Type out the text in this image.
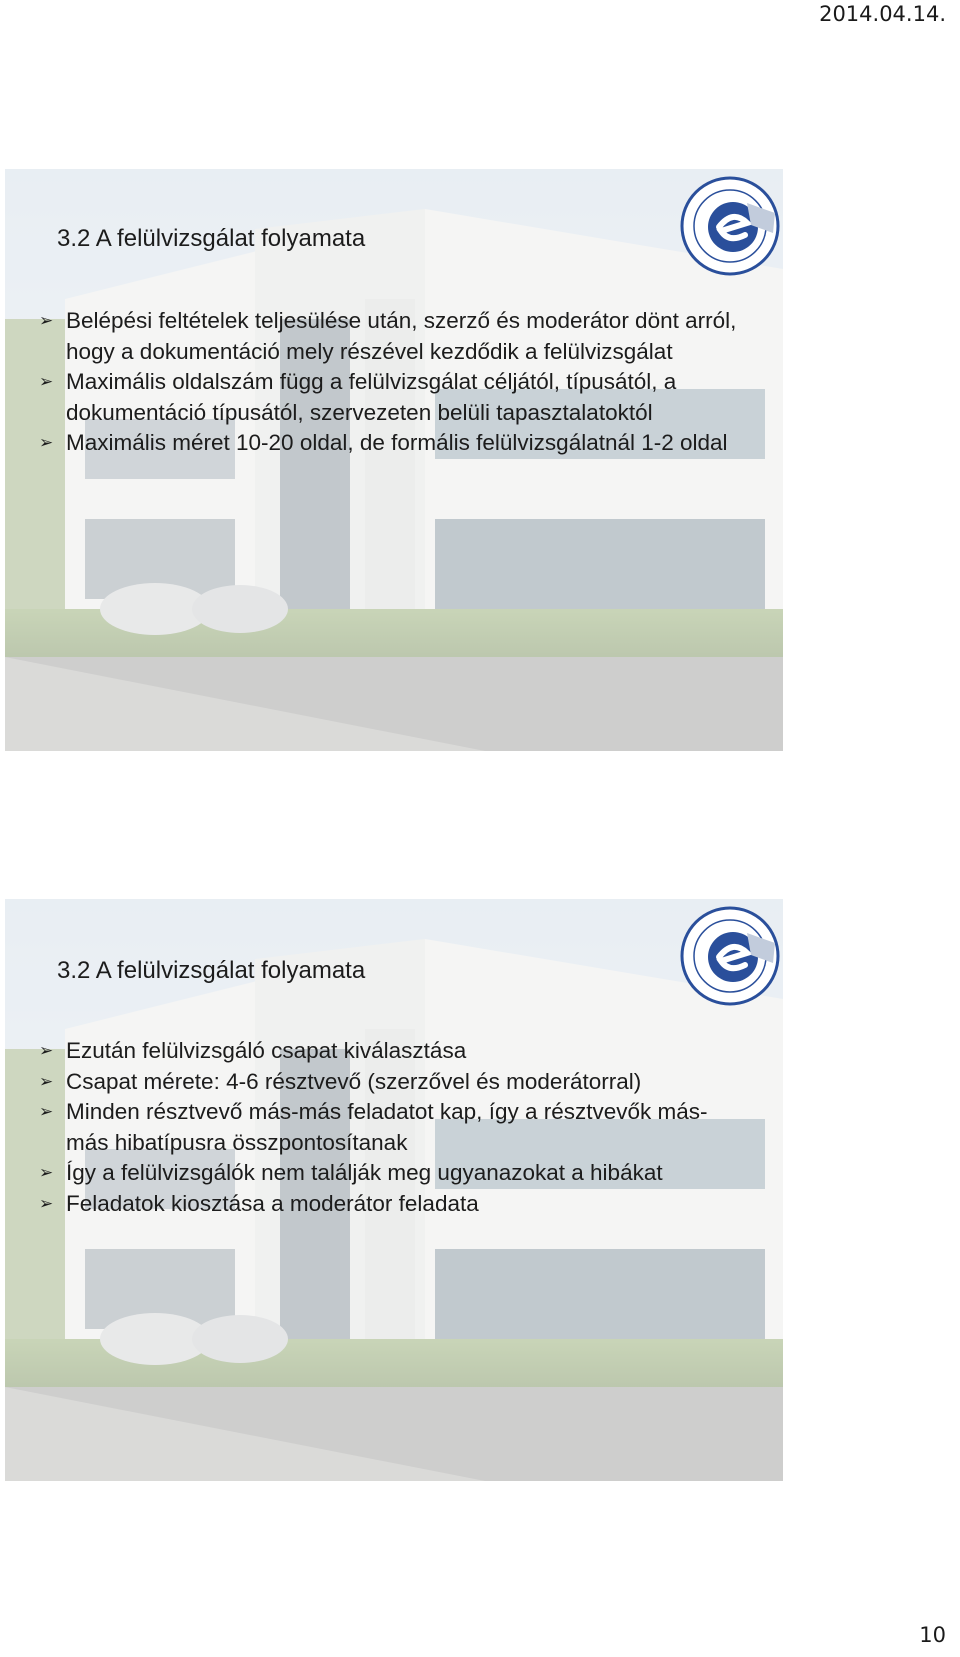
2014.04.14.

3.2 A felülvizsgálat folyamata
➢ Belépési feltételek teljesülése után, szerző és moderátor dönt arról, hogy a dokumentáció mely részével kezdődik a felülvizsgálat
➢ Maximális oldalszám függ a felülvizsgálat céljától, típusától, a dokumentáció típusától, szervezeten belüli tapasztalatoktól
➢ Maximális méret 10-20 oldal, de formális felülvizsgálatnál 1-2 oldal
3.2 A felülvizsgálat folyamata
➢ Ezután felülvizsgáló csapat kiválasztása
➢ Csapat mérete: 4-6 résztvevő (szerzővel és moderátorral)
➢ Minden résztvevő más-más feladatot kap, így a résztvevők más-más hibatípusra összpontosítanak
➢ Így a felülvizsgálók nem találják meg ugyanazokat a hibákat
➢ Feladatok kiosztása a moderátor feladata

10
